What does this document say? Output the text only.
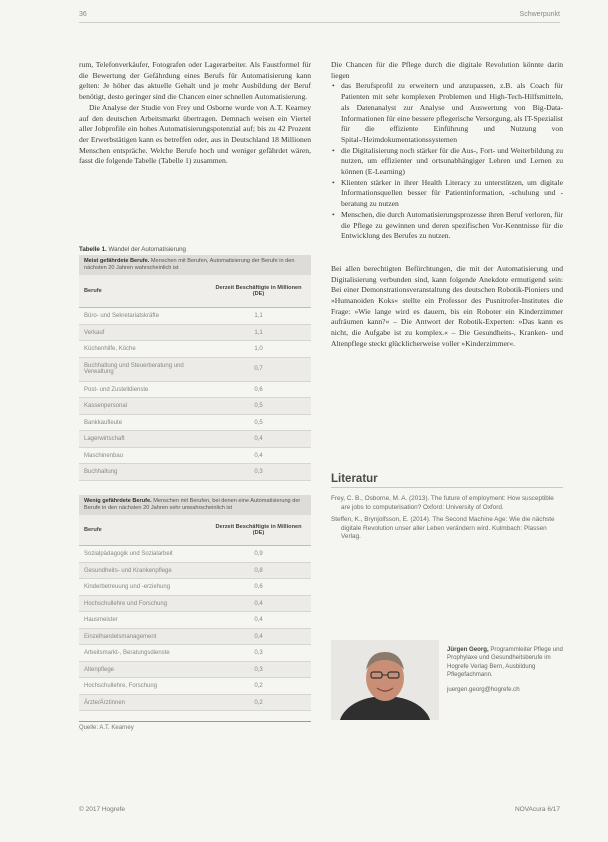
36	Schwerpunkt

rum, Telefonverkäufer, Fotografen oder Lagerarbeiter. Als Faustformel für die Bewertung der Gefährdung eines Berufs für Automatisierung kann gelten: Je höher das aktuelle Gehalt und je mehr Ausbildung der Beruf benötigt, desto geringer sind die Chancen einer schnellen Automatisierung.

Die Analyse der Studie von Frey und Osborne wurde von A.T. Kearney auf den deutschen Arbeitsmarkt übertragen. Demnach weisen ein Viertel aller Jobprofile ein hohes Automatisierungspotenzial auf; bis zu 42 Prozent der Erwerbstätigen kann es betreffen oder, aus in Deutschland 18 Millionen Menschen entspräche. Welche Berufe hoch und weniger gefährdet wären, fasst die folgende Tabelle (Tabelle 1) zusammen.

Tabelle 1. Wandel der Automatisierung
Meist gefährdete Berufe. Menschen mit Berufen, Automatisierung der Berufe in den nächsten 20 Jahren wahrscheinlich ist
Berufe
Derzeit Beschäftigte in Millionen (DE)
Büro- und Sekretariatskräfte	1,1
Verkauf	1,1
Küchenhilfe, Köche	1,0
Buchhaltung und Steuerberatung und Verwaltung	0,7
Post- und Zustelldienste	0,6
Kassenpersonal	0,5
Bankkaufleute	0,5
Lagerwirtschaft	0,4
Maschinenbau	0,4
Buchhaltung	0,3
Wenig gefährdete Berufe. Menschen mit Berufen, bei denen eine Automatisierung der Berufe in den nächsten 20 Jahren sehr unwahrscheinlich ist
Berufe
Derzeit Beschäftigte in Millionen (DE)
Sozialpädagogik und Sozialarbeit	0,9
Gesundheits- und Krankenpflege	0,8
Kinderbetreuung und -erziehung	0,6
Hochschullehre und Forschung	0,4
Hausmeister	0,4
Einzelhandelsmanagement	0,4
Arbeitsmarkt-, Beratungsdienste	0,3
Altenpflege	0,3
Hochschullehre, Forschung	0,2
Ärzte/Ärztinnen	0,2
Quelle: A.T. Kearney

Die Chancen für die Pflege durch die digitale Revolution könnte darin liegen

• das Berufsprofil zu erweitern und anzupassen, z.B. als Coach für Patienten mit sehr komplexen Problemen und High-Tech-Hilfsmitteln, als Datenanalyst zur Analyse und Auswertung von Big-Data-Informationen für eine bessere pflegerische Versorgung, als IT-Spezialist für die effiziente Einführung und Nutzung von Spital-/Heimdokumentationssystemen
• die Digitalisierung noch stärker für die Aus-, Fort- und Weiterbildung zu nutzen, um effizienter und ortsunabhängiger Lehren und Lernen zu können (E-Learning)
• Klienten stärker in ihrer Health Literacy zu unterstützen, um digitale Informationsquellen besser für Patientinformation, -schulung und -beratung zu nutzen
• Menschen, die durch Automatisierungsprozesse ihren Beruf verloren, für die Pflege zu gewinnen und deren spezifischen Vor-Kenntnisse für die Entwicklung des Berufes zu nutzen.

Bei allen berechtigten Befürchtungen, die mit der Automatisierung und Digitalisierung verbunden sind, kann folgende Anekdote ermutigend sein: Bei einer Demonstrationsveranstaltung des deutschen Robotik-Pioniers und »Humanoiden Koks« stellte ein Professor des Pusnitrofer-Institutes die Frage: »Wie lange wird es dauern, bis ein Roboter ein Kinderzimmer aufräumen kann?« – Die Antwort der Robotik-Experten: »Das kann es nicht, die Aufgabe ist zu komplex.« – Die Gesundheits-, Kranken- und Altenpflege steckt glücklicherweise voller »Kinderzimmer«.

Literatur

Frey, C. B., Osborne, M. A. (2013). The future of employment: How susceptible are jobs to computerisation? Oxford: University of Oxford.

Steffen, K., Brynjolfsson, E. (2014). The Second Machine Age: Wie die nächste digitale Revolution unser aller Leben verändern wird. Kulmbach: Plassen Verlag.

Jürgen Georg, Programmleiter Pflege und Prophylaxe und Gesundheitsberufe im Hogrefe Verlag Bern, Ausbildung Pflegefachmann.
juergen.georg@hogrefe.ch
© 2017 Hogrefe	NOVAcura 6/17
